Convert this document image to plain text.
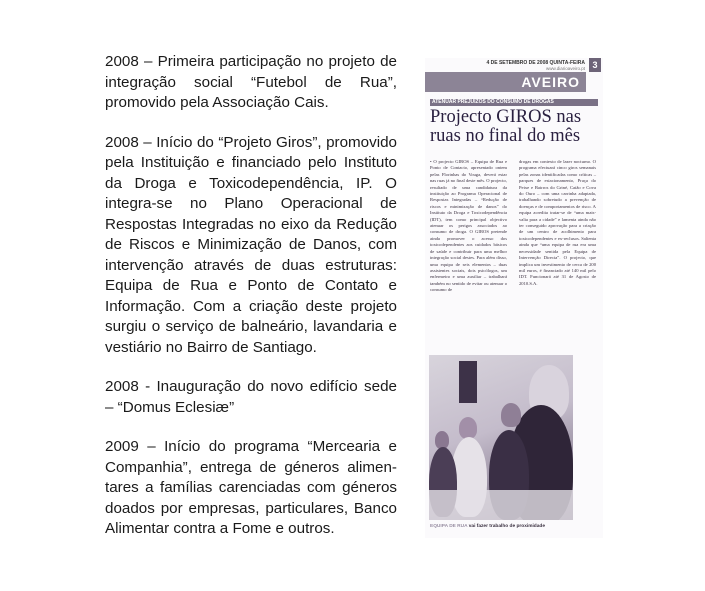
2008 – Primeira participação no projeto de
integração social “Futebol de Rua”,
promovido pela Associação Cais.
2008 – Início do “Projeto Giros”, promovido
pela Instituição e financiado pelo Instituto
da Droga e Toxicodependência, IP. O
integra-se no Plano Operacional de
Respostas Integradas no eixo da Redução
de Riscos e Minimização de Danos, com
intervenção através de duas estruturas:
Equipa de Rua e Ponto de Contato e
Informação. Com a criação deste projeto
surgiu o serviço de balneário, lavandaria e
vestiário no Bairro de Santiago.
2008 - Inauguração do novo edifício sede
– “Domus Eclesiæ”
2009 – Início do programa “Mercearia e
Companhia”, entrega de géneros alimen-
tares a famílias carenciadas com géneros
doados por empresas, particulares, Banco
Alimentar contra a Fome e outros.
4 DE SETEMBRO DE 2008 QUINTA-FEIRA
www.diarioaveiro.pt 3
AVEIRO
ATENUAR PREJUÍZOS DO CONSUMO DE DROGAS
Projecto GIROS nas ruas no final do mês
• O projecto GIROS – Equipa de Rua e Ponto de Contacto, apresentado ontem pelas Florinhas do Vouga, deverá estar nas ruas já no final deste mês. O projecto, resultado de uma candidatura da instituição ao Programa Operacional de Respostas Integradas – “Redução de riscos e minimização de danos” do Instituto da Droga e Toxicodependência (IDT), tem como principal objectivo atenuar os perigos associados ao consumo de droga. O GIROS pretende ainda promover o acesso dos toxicodependentes aos cuidados básicos de saúde e contribuir para uma melhor integração social destes. Para além disso, uma equipa de seis elementos – duas assistentes sociais, dois psicólogos, um enfermeiro e uma auxiliar – trabalhará também no sentido de evitar ou atenuar o consumo de
drogas em contexto de lazer nocturno. O programa efectuará cinco giros semanais pelas zonas identificadas como críticas – parques de estacionamento, Praça do Peixe e Bairros do Griné, Caião e Cova do Ouro – com uma carrinha adaptada, trabalhando sobretudo a prevenção de doenças e de comportamentos de risco. A equipa acredita tratar-se de “uma mais-valia para a cidade” e lamenta ainda não ter conseguido aprovação para a criação de um centro de acolhimento para toxicodependentes e ex-reclusos. Salienta ainda que “uma equipa de rua era uma necessidade sentida pela Equipa de Intervenção Directa”. O projecto, que implica um investimento de cerca de 200 mil euros, é financiado até 140 mil pelo IDT. Funcionará até 31 de Agosto de 2010.S.A.
EQUIPA DE RUA vai fazer trabalho de proximidade
